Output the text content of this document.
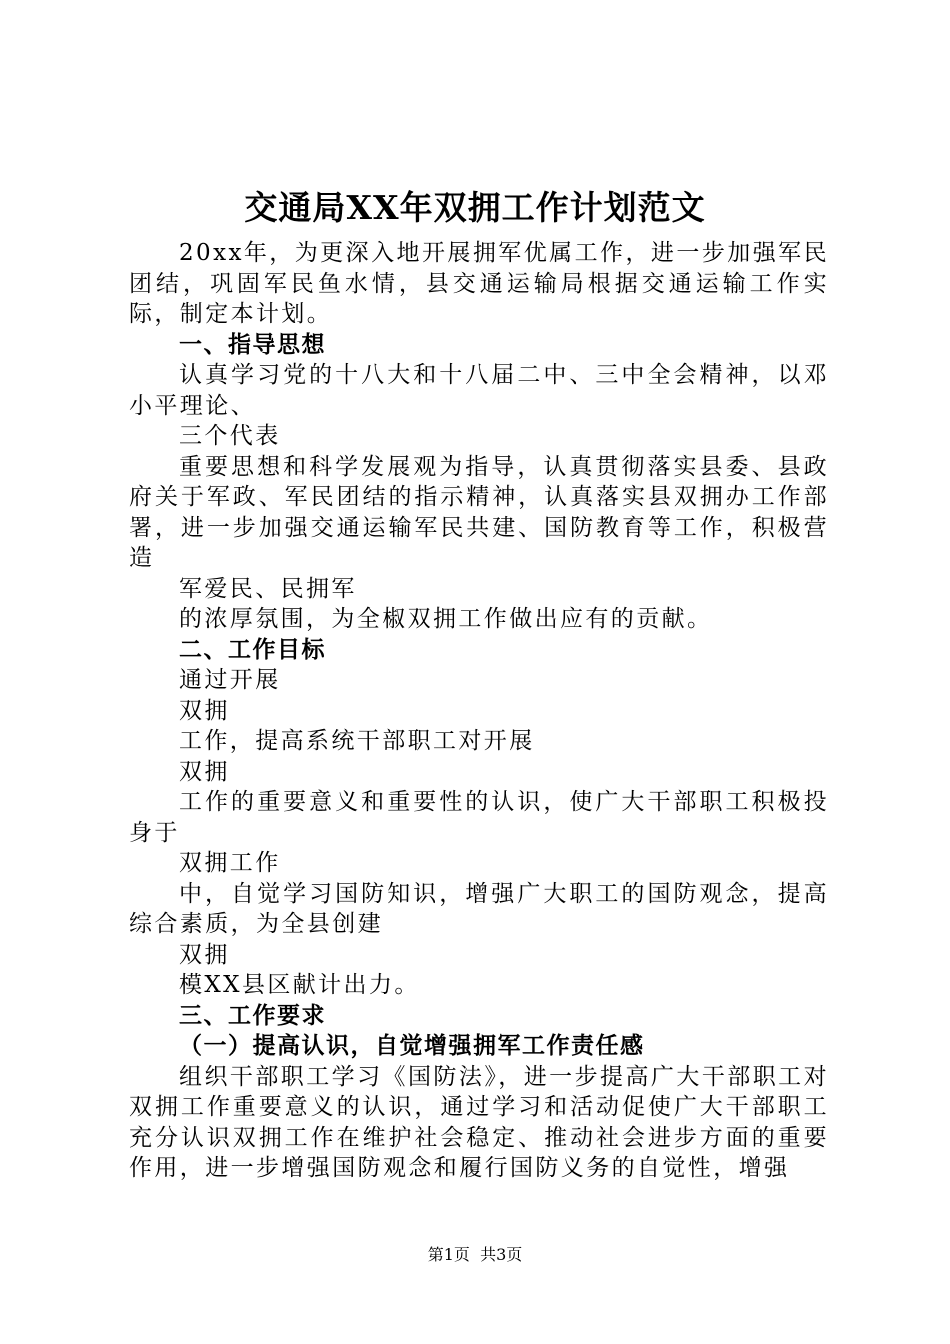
交通局XX年双拥工作计划范文

20xx年，为更深入地开展拥军优属工作，进一步加强军民团结，巩固军民鱼水情，县交通运输局根据交通运输工作实际，制定本计划。

一、指导思想

认真学习党的十八大和十八届二中、三中全会精神，以邓小平理论、

三个代表

重要思想和科学发展观为指导，认真贯彻落实县委、县政府关于军政、军民团结的指示精神，认真落实县双拥办工作部署，进一步加强交通运输军民共建、国防教育等工作，积极营造

军爱民、民拥军

的浓厚氛围，为全椒双拥工作做出应有的贡献。

二、工作目标

通过开展

双拥

工作，提高系统干部职工对开展

双拥

工作的重要意义和重要性的认识，使广大干部职工积极投身于

双拥工作

中，自觉学习国防知识，增强广大职工的国防观念，提高综合素质，为全县创建

双拥

模XX县区献计出力。

三、工作要求

（一）提高认识，自觉增强拥军工作责任感

组织干部职工学习《国防法》，进一步提高广大干部职工对双拥工作重要意义的认识，通过学习和活动促使广大干部职工充分认识双拥工作在维护社会稳定、推动社会进步方面的重要作用，进一步增强国防观念和履行国防义务的自觉性，增强

第1页 共3页
